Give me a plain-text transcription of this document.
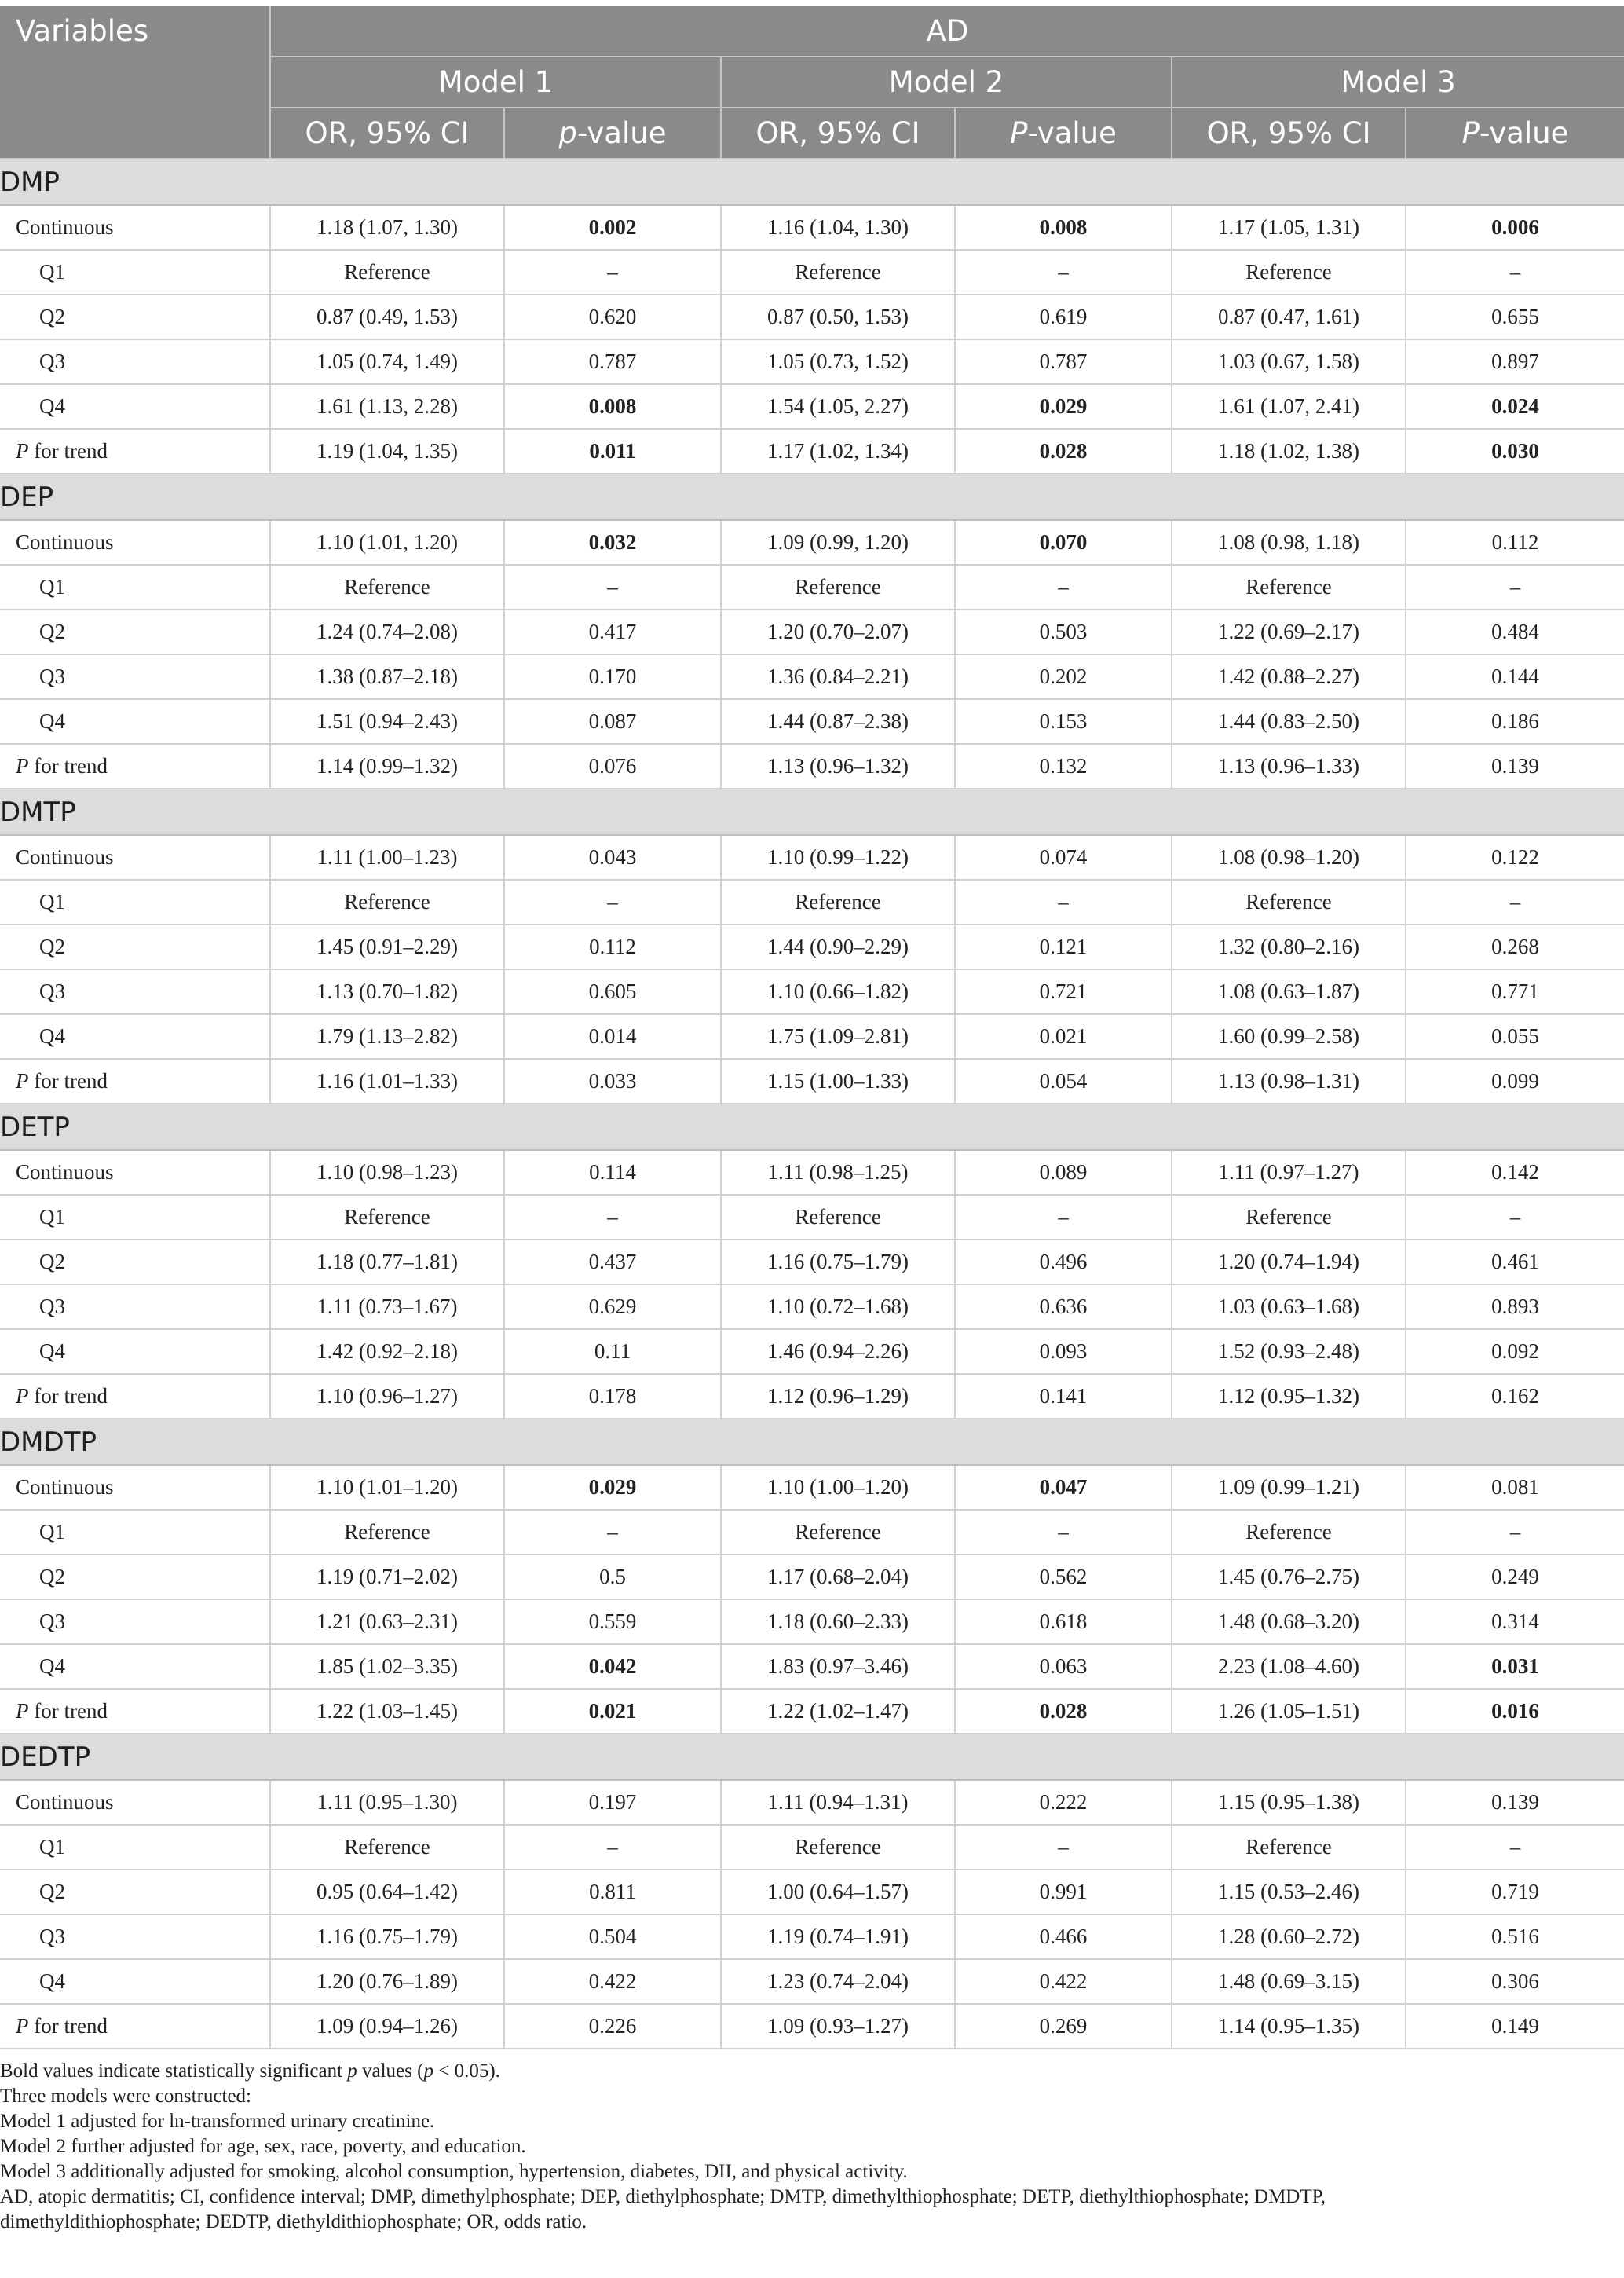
Variables	AD					
	Model 1		Model 2		Model 3	
	OR, 95% CI	p-value	OR, 95% CI	P-value	OR, 95% CI	P-value
DMP						
Continuous	1.18 (1.07, 1.30)	0.002	1.16 (1.04, 1.30)	0.008	1.17 (1.05, 1.31)	0.006
Q1	Reference	–	Reference	–	Reference	–
Q2	0.87 (0.49, 1.53)	0.620	0.87 (0.50, 1.53)	0.619	0.87 (0.47, 1.61)	0.655
Q3	1.05 (0.74, 1.49)	0.787	1.05 (0.73, 1.52)	0.787	1.03 (0.67, 1.58)	0.897
Q4	1.61 (1.13, 2.28)	0.008	1.54 (1.05, 2.27)	0.029	1.61 (1.07, 2.41)	0.024
P for trend	1.19 (1.04, 1.35)	0.011	1.17 (1.02, 1.34)	0.028	1.18 (1.02, 1.38)	0.030
DEP						
Continuous	1.10 (1.01, 1.20)	0.032	1.09 (0.99, 1.20)	0.070	1.08 (0.98, 1.18)	0.112
Q1	Reference	–	Reference	–	Reference	–
Q2	1.24 (0.74–2.08)	0.417	1.20 (0.70–2.07)	0.503	1.22 (0.69–2.17)	0.484
Q3	1.38 (0.87–2.18)	0.170	1.36 (0.84–2.21)	0.202	1.42 (0.88–2.27)	0.144
Q4	1.51 (0.94–2.43)	0.087	1.44 (0.87–2.38)	0.153	1.44 (0.83–2.50)	0.186
P for trend	1.14 (0.99–1.32)	0.076	1.13 (0.96–1.32)	0.132	1.13 (0.96–1.33)	0.139
DMTP						
Continuous	1.11 (1.00–1.23)	0.043	1.10 (0.99–1.22)	0.074	1.08 (0.98–1.20)	0.122
Q1	Reference	–	Reference	–	Reference	–
Q2	1.45 (0.91–2.29)	0.112	1.44 (0.90–2.29)	0.121	1.32 (0.80–2.16)	0.268
Q3	1.13 (0.70–1.82)	0.605	1.10 (0.66–1.82)	0.721	1.08 (0.63–1.87)	0.771
Q4	1.79 (1.13–2.82)	0.014	1.75 (1.09–2.81)	0.021	1.60 (0.99–2.58)	0.055
P for trend	1.16 (1.01–1.33)	0.033	1.15 (1.00–1.33)	0.054	1.13 (0.98–1.31)	0.099
DETP						
Continuous	1.10 (0.98–1.23)	0.114	1.11 (0.98–1.25)	0.089	1.11 (0.97–1.27)	0.142
Q1	Reference	–	Reference	–	Reference	–
Q2	1.18 (0.77–1.81)	0.437	1.16 (0.75–1.79)	0.496	1.20 (0.74–1.94)	0.461
Q3	1.11 (0.73–1.67)	0.629	1.10 (0.72–1.68)	0.636	1.03 (0.63–1.68)	0.893
Q4	1.42 (0.92–2.18)	0.11	1.46 (0.94–2.26)	0.093	1.52 (0.93–2.48)	0.092
P for trend	1.10 (0.96–1.27)	0.178	1.12 (0.96–1.29)	0.141	1.12 (0.95–1.32)	0.162
DMDTP						
Continuous	1.10 (1.01–1.20)	0.029	1.10 (1.00–1.20)	0.047	1.09 (0.99–1.21)	0.081
Q1	Reference	–	Reference	–	Reference	–
Q2	1.19 (0.71–2.02)	0.5	1.17 (0.68–2.04)	0.562	1.45 (0.76–2.75)	0.249
Q3	1.21 (0.63–2.31)	0.559	1.18 (0.60–2.33)	0.618	1.48 (0.68–3.20)	0.314
Q4	1.85 (1.02–3.35)	0.042	1.83 (0.97–3.46)	0.063	2.23 (1.08–4.60)	0.031
P for trend	1.22 (1.03–1.45)	0.021	1.22 (1.02–1.47)	0.028	1.26 (1.05–1.51)	0.016
DEDTP						
Continuous	1.11 (0.95–1.30)	0.197	1.11 (0.94–1.31)	0.222	1.15 (0.95–1.38)	0.139
Q1	Reference	–	Reference	–	Reference	–
Q2	0.95 (0.64–1.42)	0.811	1.00 (0.64–1.57)	0.991	1.15 (0.53–2.46)	0.719
Q3	1.16 (0.75–1.79)	0.504	1.19 (0.74–1.91)	0.466	1.28 (0.60–2.72)	0.516
Q4	1.20 (0.76–1.89)	0.422	1.23 (0.74–2.04)	0.422	1.48 (0.69–3.15)	0.306
P for trend	1.09 (0.94–1.26)	0.226	1.09 (0.93–1.27)	0.269	1.14 (0.95–1.35)	0.149
Bold values indicate statistically significant p values (p < 0.05).
Three models were constructed:
Model 1 adjusted for ln-transformed urinary creatinine.
Model 2 further adjusted for age, sex, race, poverty, and education.
Model 3 additionally adjusted for smoking, alcohol consumption, hypertension, diabetes, DII, and physical activity.
AD, atopic dermatitis; CI, confidence interval; DMP, dimethylphosphate; DEP, diethylphosphate; DMTP, dimethylthiophosphate; DETP, diethylthiophosphate; DMDTP,
dimethyldithiophosphate; DEDTP, diethyldithiophosphate; OR, odds ratio.
